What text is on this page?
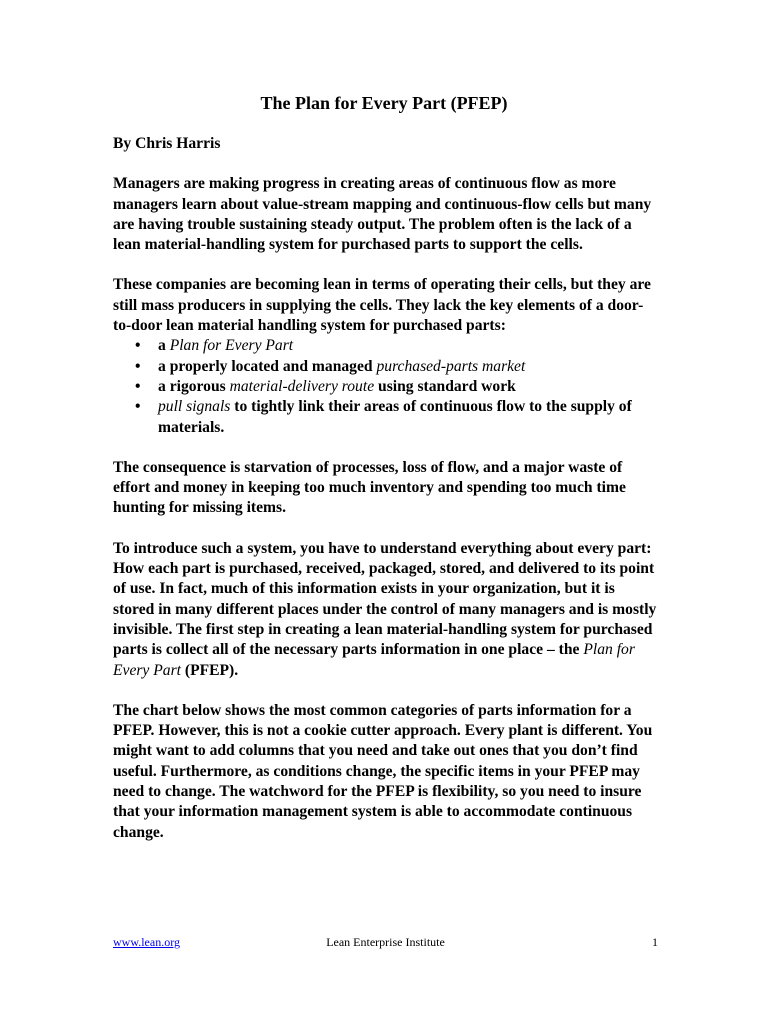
The Plan for Every Part (PFEP)
By Chris Harris
Managers are making progress in creating areas of continuous flow as more managers learn about value-stream mapping and continuous-flow cells but many are having trouble sustaining steady output. The problem often is the lack of a lean material-handling system for purchased parts to support the cells.
These companies are becoming lean in terms of operating their cells, but they are still mass producers in supplying the cells. They lack the key elements of a door-to-door lean material handling system for purchased parts:
• a Plan for Every Part
• a properly located and managed purchased-parts market
• a rigorous material-delivery route using standard work
• pull signals to tightly link their areas of continuous flow to the supply of materials.
The consequence is starvation of processes, loss of flow, and a major waste of effort and money in keeping too much inventory and spending too much time hunting for missing items.
To introduce such a system, you have to understand everything about every part: How each part is purchased, received, packaged, stored, and delivered to its point of use. In fact, much of this information exists in your organization, but it is stored in many different places under the control of many managers and is mostly invisible. The first step in creating a lean material-handling system for purchased parts is collect all of the necessary parts information in one place – the Plan for Every Part (PFEP).
The chart below shows the most common categories of parts information for a PFEP. However, this is not a cookie cutter approach. Every plant is different. You might want to add columns that you need and take out ones that you don’t find useful. Furthermore, as conditions change, the specific items in your PFEP may need to change. The watchword for the PFEP is flexibility, so you need to insure that your information management system is able to accommodate continuous change.
www.lean.org	Lean Enterprise Institute	1
